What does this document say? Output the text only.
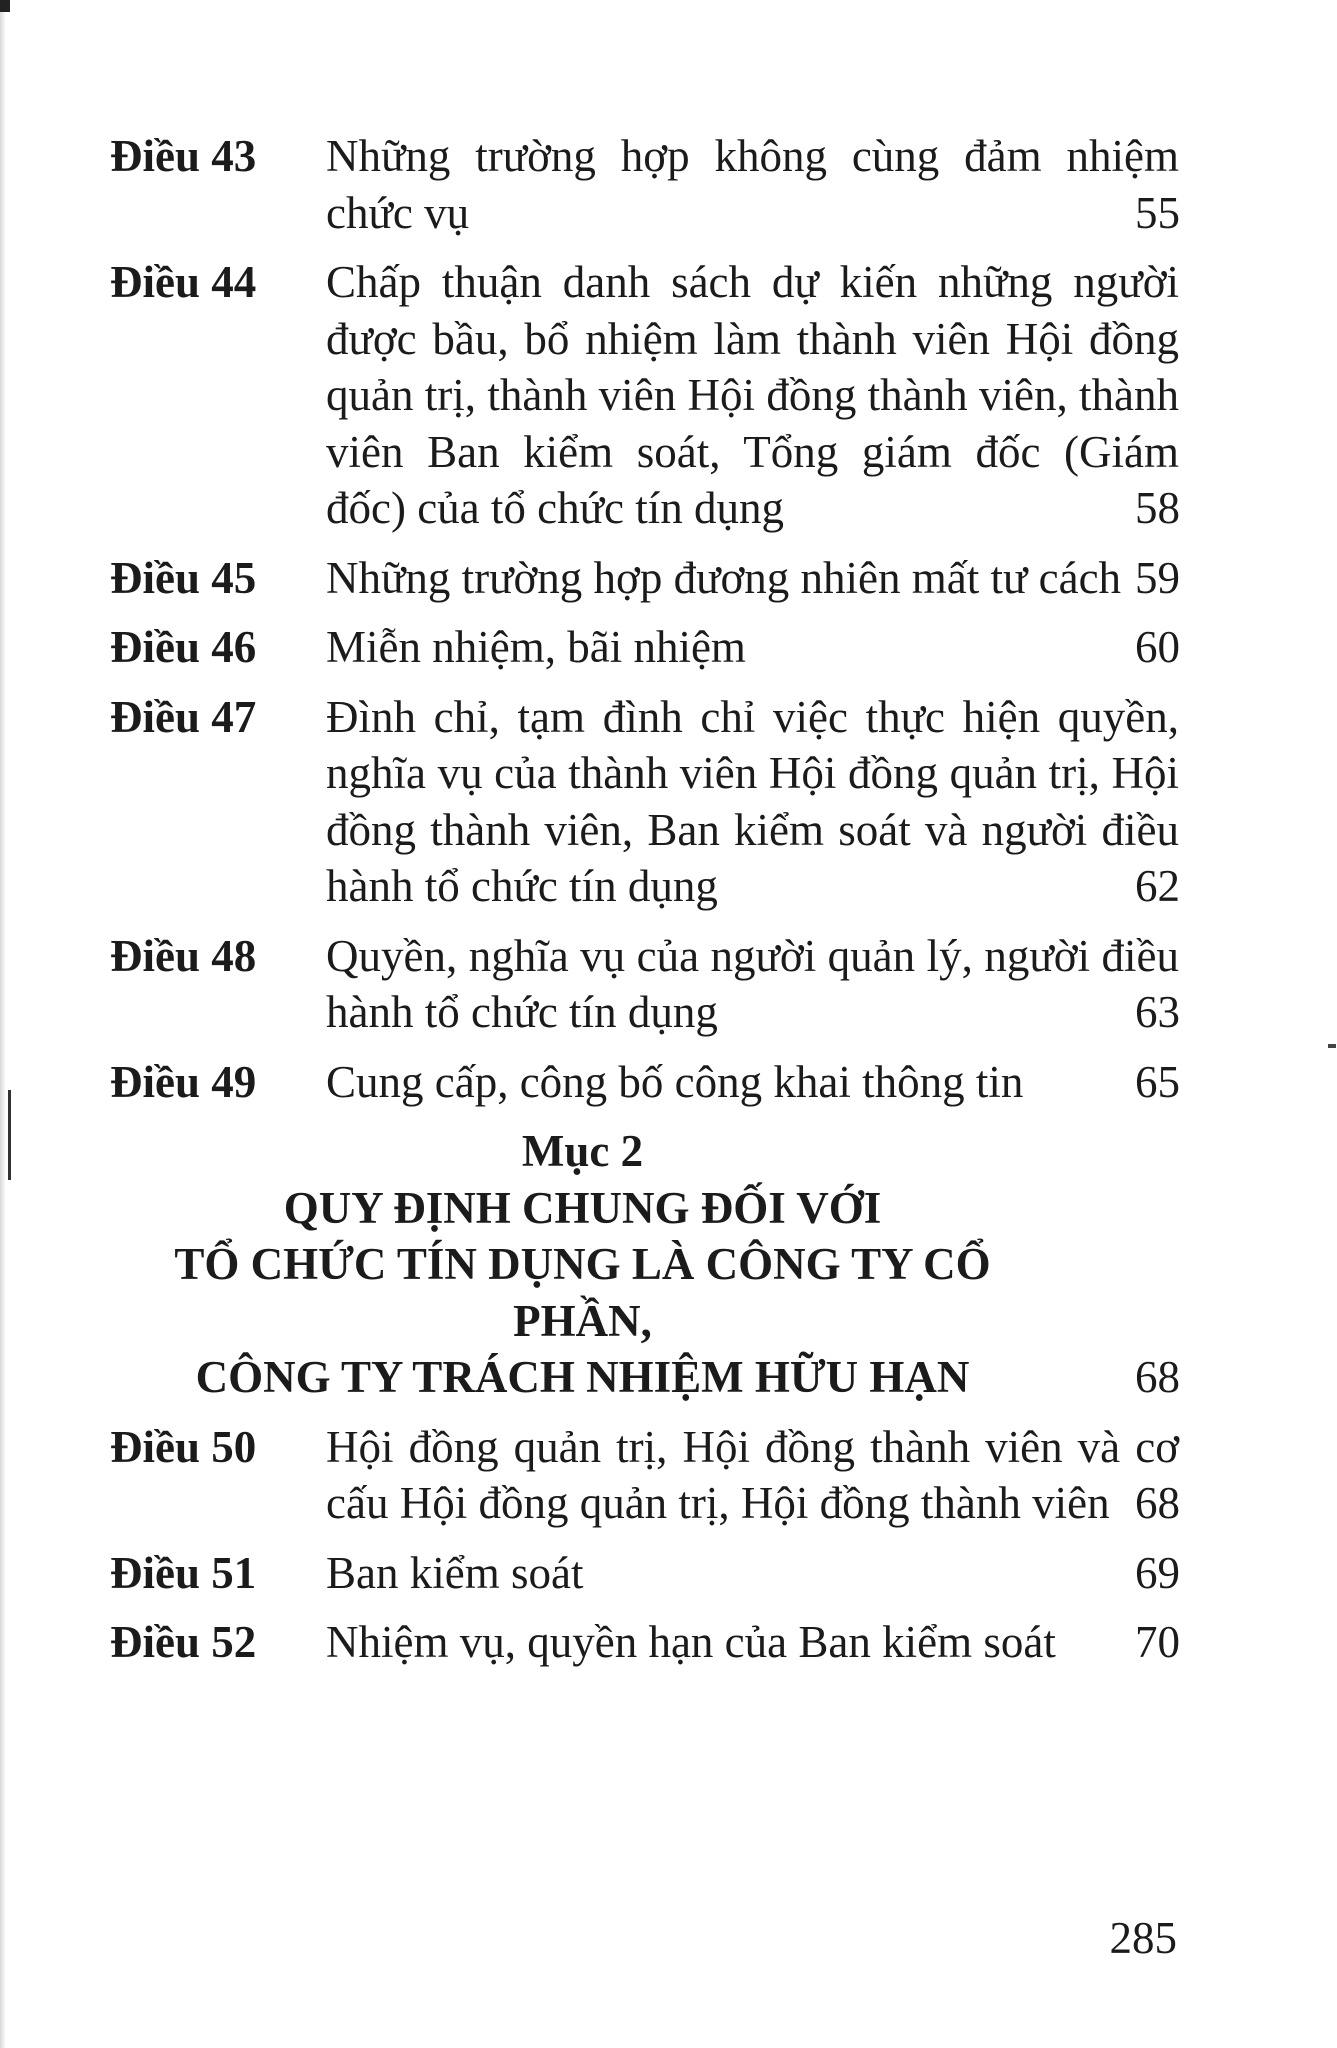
Điều 43 Những trường hợp không cùng đảm nhiệm chức vụ	55
Điều 44 Chấp thuận danh sách dự kiến những người được bầu, bổ nhiệm làm thành viên Hội đồng quản trị, thành viên Hội đồng thành viên, thành viên Ban kiểm soát, Tổng giám đốc (Giám đốc) của tổ chức tín dụng	58
Điều 45 Những trường hợp đương nhiên mất tư cách 59
Điều 46 Miễn nhiệm, bãi nhiệm	60
Điều 47 Đình chỉ, tạm đình chỉ việc thực hiện quyền, nghĩa vụ của thành viên Hội đồng quản trị, Hội đồng thành viên, Ban kiểm soát và người điều hành tổ chức tín dụng	62
Điều 48 Quyền, nghĩa vụ của người quản lý, người điều hành tổ chức tín dụng	63
Điều 49 Cung cấp, công bố công khai thông tin	65
Mục 2
QUY ĐỊNH CHUNG ĐỐI VỚI
TỔ CHỨC TÍN DỤNG LÀ CÔNG TY CỔ PHẦN,
CÔNG TY TRÁCH NHIỆM HỮU HẠN	68
Điều 50 Hội đồng quản trị, Hội đồng thành viên và cơ cấu Hội đồng quản trị, Hội đồng thành viên 68
Điều 51 Ban kiểm soát	69
Điều 52 Nhiệm vụ, quyền hạn của Ban kiểm soát	70
285
